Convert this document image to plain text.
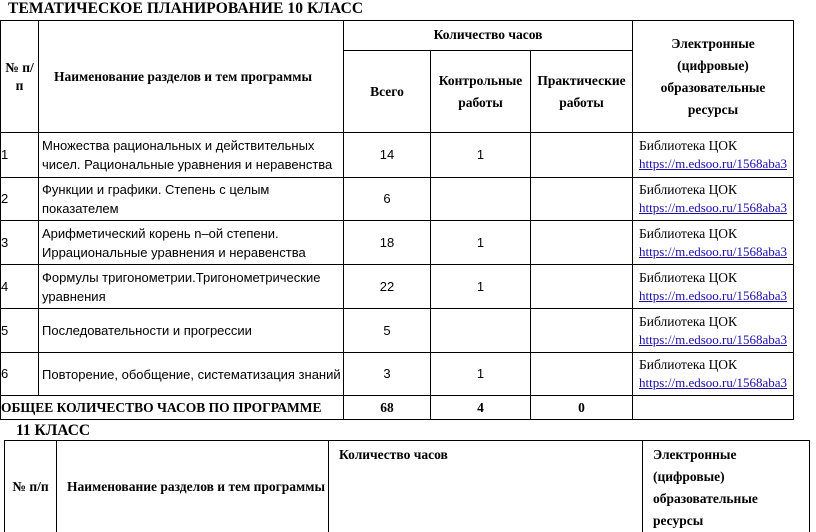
ТЕМАТИЧЕСКОЕ ПЛАНИРОВАНИЕ 10 КЛАСС
№ п/п	Наименование разделов и тем программы	Количество часов			Электронные (цифровые) образовательные ресурсы
		Всего	Контрольные работы	Практические работы	
1	Множества рациональных и действительных чисел. Рациональные уравнения и неравенства	14	1		Библиотека ЦОК
https://m.edsoo.ru/1568aba3
2	Функции и графики. Степень с целым показателем	6			Библиотека ЦОК
https://m.edsoo.ru/1568aba3
3	Арифметический корень n–ой степени. Иррациональные уравнения и неравенства	18	1		Библиотека ЦОК
https://m.edsoo.ru/1568aba3
4	Формулы тригонометрии.Тригонометрические уравнения	22	1		Библиотека ЦОК
https://m.edsoo.ru/1568aba3
5	Последовательности и прогрессии	5			Библиотека ЦОК
https://m.edsoo.ru/1568aba3
6	Повторение, обобщение, систематизация знаний	3	1		Библиотека ЦОК
https://m.edsoo.ru/1568aba3
ОБЩЕЕ КОЛИЧЕСТВО ЧАСОВ ПО ПРОГРАММЕ		68	4	0	
11 КЛАСС
№ п/п	Наименование разделов и тем программы	Количество часов	Электронные (цифровые) образовательные ресурсы
